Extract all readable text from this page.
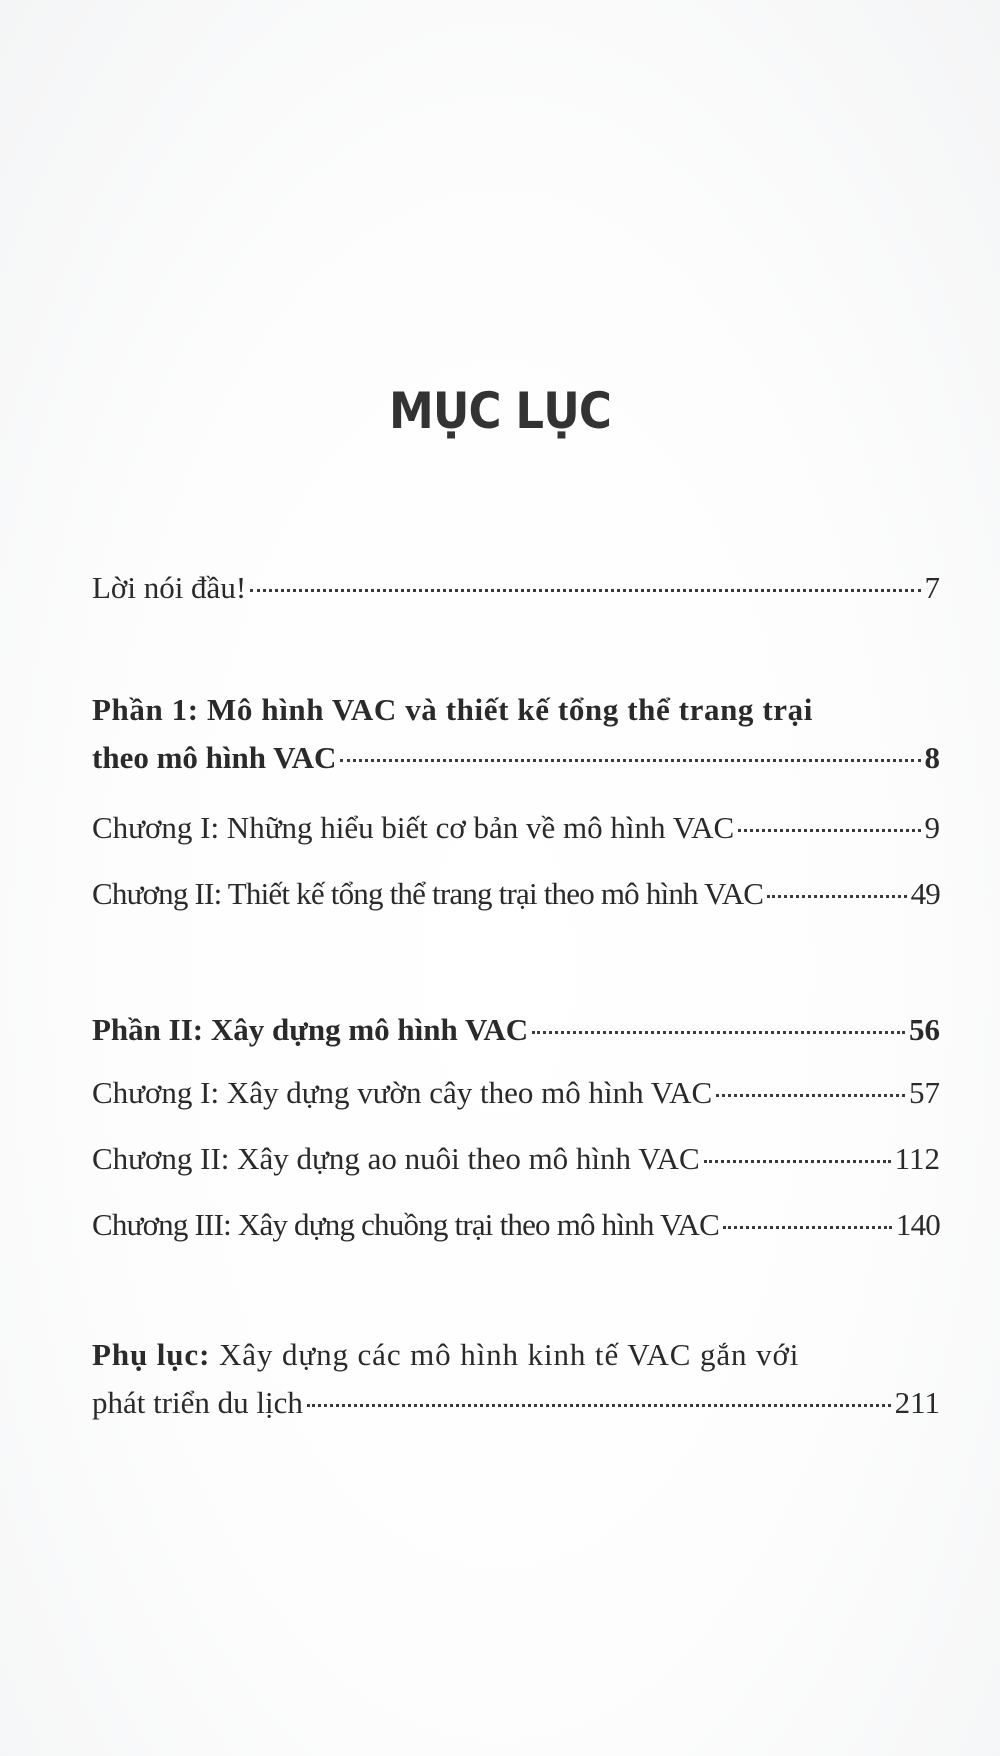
MỤC LỤC
Lời nói đầu!	7
Phần 1: Mô hình VAC và thiết kế tổng thể trang trại
theo mô hình VAC	8
Chương I: Những hiểu biết cơ bản về mô hình VAC	9
Chương II: Thiết kế tổng thể trang trại theo mô hình VAC	49
Phần II: Xây dựng mô hình VAC	56
Chương I: Xây dựng vườn cây theo mô hình VAC	57
Chương II: Xây dựng ao nuôi theo mô hình VAC	112
Chương III: Xây dựng chuồng trại theo mô hình VAC	140
Phụ lục: Xây dựng các mô hình kinh tế VAC gắn với
phát triển du lịch	211
